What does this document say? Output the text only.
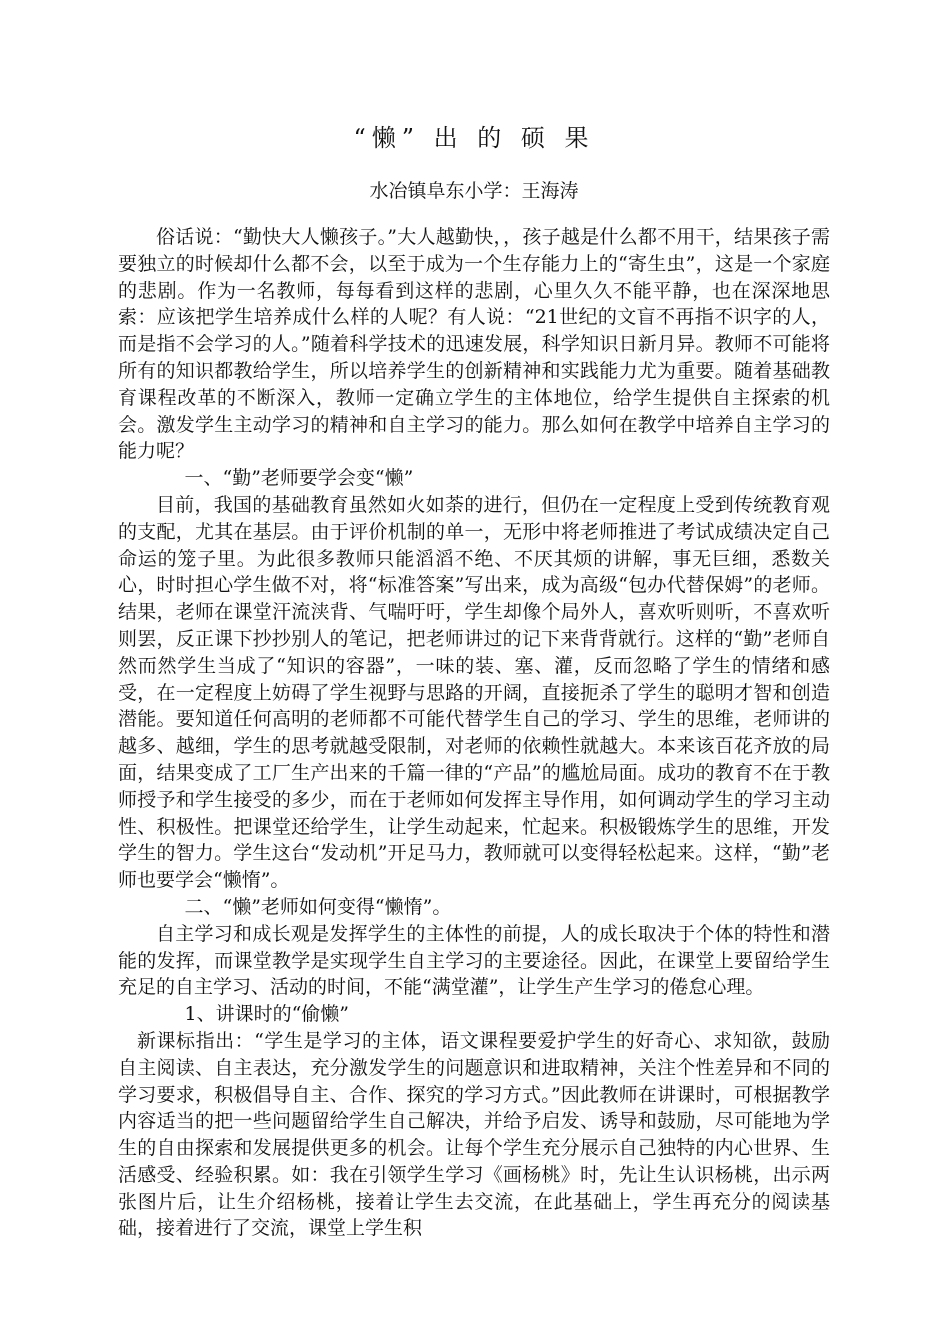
“懒” 出 的 硕 果
水冶镇阜东小学：王海涛

俗话说：“勤快大人懒孩子。”大人越勤快，，孩子越是什么都不用干，结果孩子需要独立的时候却什么都不会，以至于成为一个生存能力上的“寄生虫”，这是一个家庭的悲剧。作为一名教师，每每看到这样的悲剧，心里久久不能平静，也在深深地思索：应该把学生培养成什么样的人呢？有人说：“21世纪的文盲不再指不识字的人，而是指不会学习的人。”随着科学技术的迅速发展，科学知识日新月异。教师不可能将所有的知识都教给学生，所以培养学生的创新精神和实践能力尤为重要。随着基础教育课程改革的不断深入，教师一定确立学生的主体地位，给学生提供自主探索的机会。激发学生主动学习的精神和自主学习的能力。那么如何在教学中培养自主学习的能力呢？

一、“勤”老师要学会变“懒”

目前，我国的基础教育虽然如火如荼的进行，但仍在一定程度上受到传统教育观的支配，尤其在基层。由于评价机制的单一，无形中将老师推进了考试成绩决定自己命运的笼子里。为此很多教师只能滔滔不绝、不厌其烦的讲解，事无巨细，悉数关心，时时担心学生做不对，将“标准答案”写出来，成为高级“包办代替保姆”的老师。结果，老师在课堂汗流浃背、气喘吁吁，学生却像个局外人，喜欢听则听，不喜欢听则罢，反正课下抄抄别人的笔记，把老师讲过的记下来背背就行。这样的“勤”老师自然而然学生当成了“知识的容器”，一味的装、塞、灌，反而忽略了学生的情绪和感受，在一定程度上妨碍了学生视野与思路的开阔，直接扼杀了学生的聪明才智和创造潜能。要知道任何高明的老师都不可能代替学生自己的学习、学生的思维，老师讲的越多、越细，学生的思考就越受限制，对老师的依赖性就越大。本来该百花齐放的局面，结果变成了工厂生产出来的千篇一律的“产品”的尴尬局面。成功的教育不在于教师授予和学生接受的多少，而在于老师如何发挥主导作用，如何调动学生的学习主动性、积极性。把课堂还给学生，让学生动起来，忙起来。积极锻炼学生的思维，开发学生的智力。学生这台“发动机”开足马力，教师就可以变得轻松起来。这样，“勤”老师也要学会“懒惰”。

二、“懒”老师如何变得“懒惰”。

自主学习和成长观是发挥学生的主体性的前提，人的成长取决于个体的特性和潜能的发挥，而课堂教学是实现学生自主学习的主要途径。因此，在课堂上要留给学生充足的自主学习、活动的时间，不能“满堂灌”，让学生产生学习的倦怠心理。

1、讲课时的“偷懒”

新课标指出：“学生是学习的主体，语文课程要爱护学生的好奇心、求知欲，鼓励自主阅读、自主表达，充分激发学生的问题意识和进取精神，关注个性差异和不同的学习要求，积极倡导自主、合作、探究的学习方式。”因此教师在讲课时，可根据教学内容适当的把一些问题留给学生自己解决，并给予启发、诱导和鼓励，尽可能地为学生的自由探索和发展提供更多的机会。让每个学生充分展示自己独特的内心世界、生活感受、经验积累。如：我在引领学生学习《画杨桃》时，先让生认识杨桃，出示两张图片后，让生介绍杨桃，接着让学生去交流，在此基础上，学生再充分的阅读基础，接着进行了交流，课堂上学生积
